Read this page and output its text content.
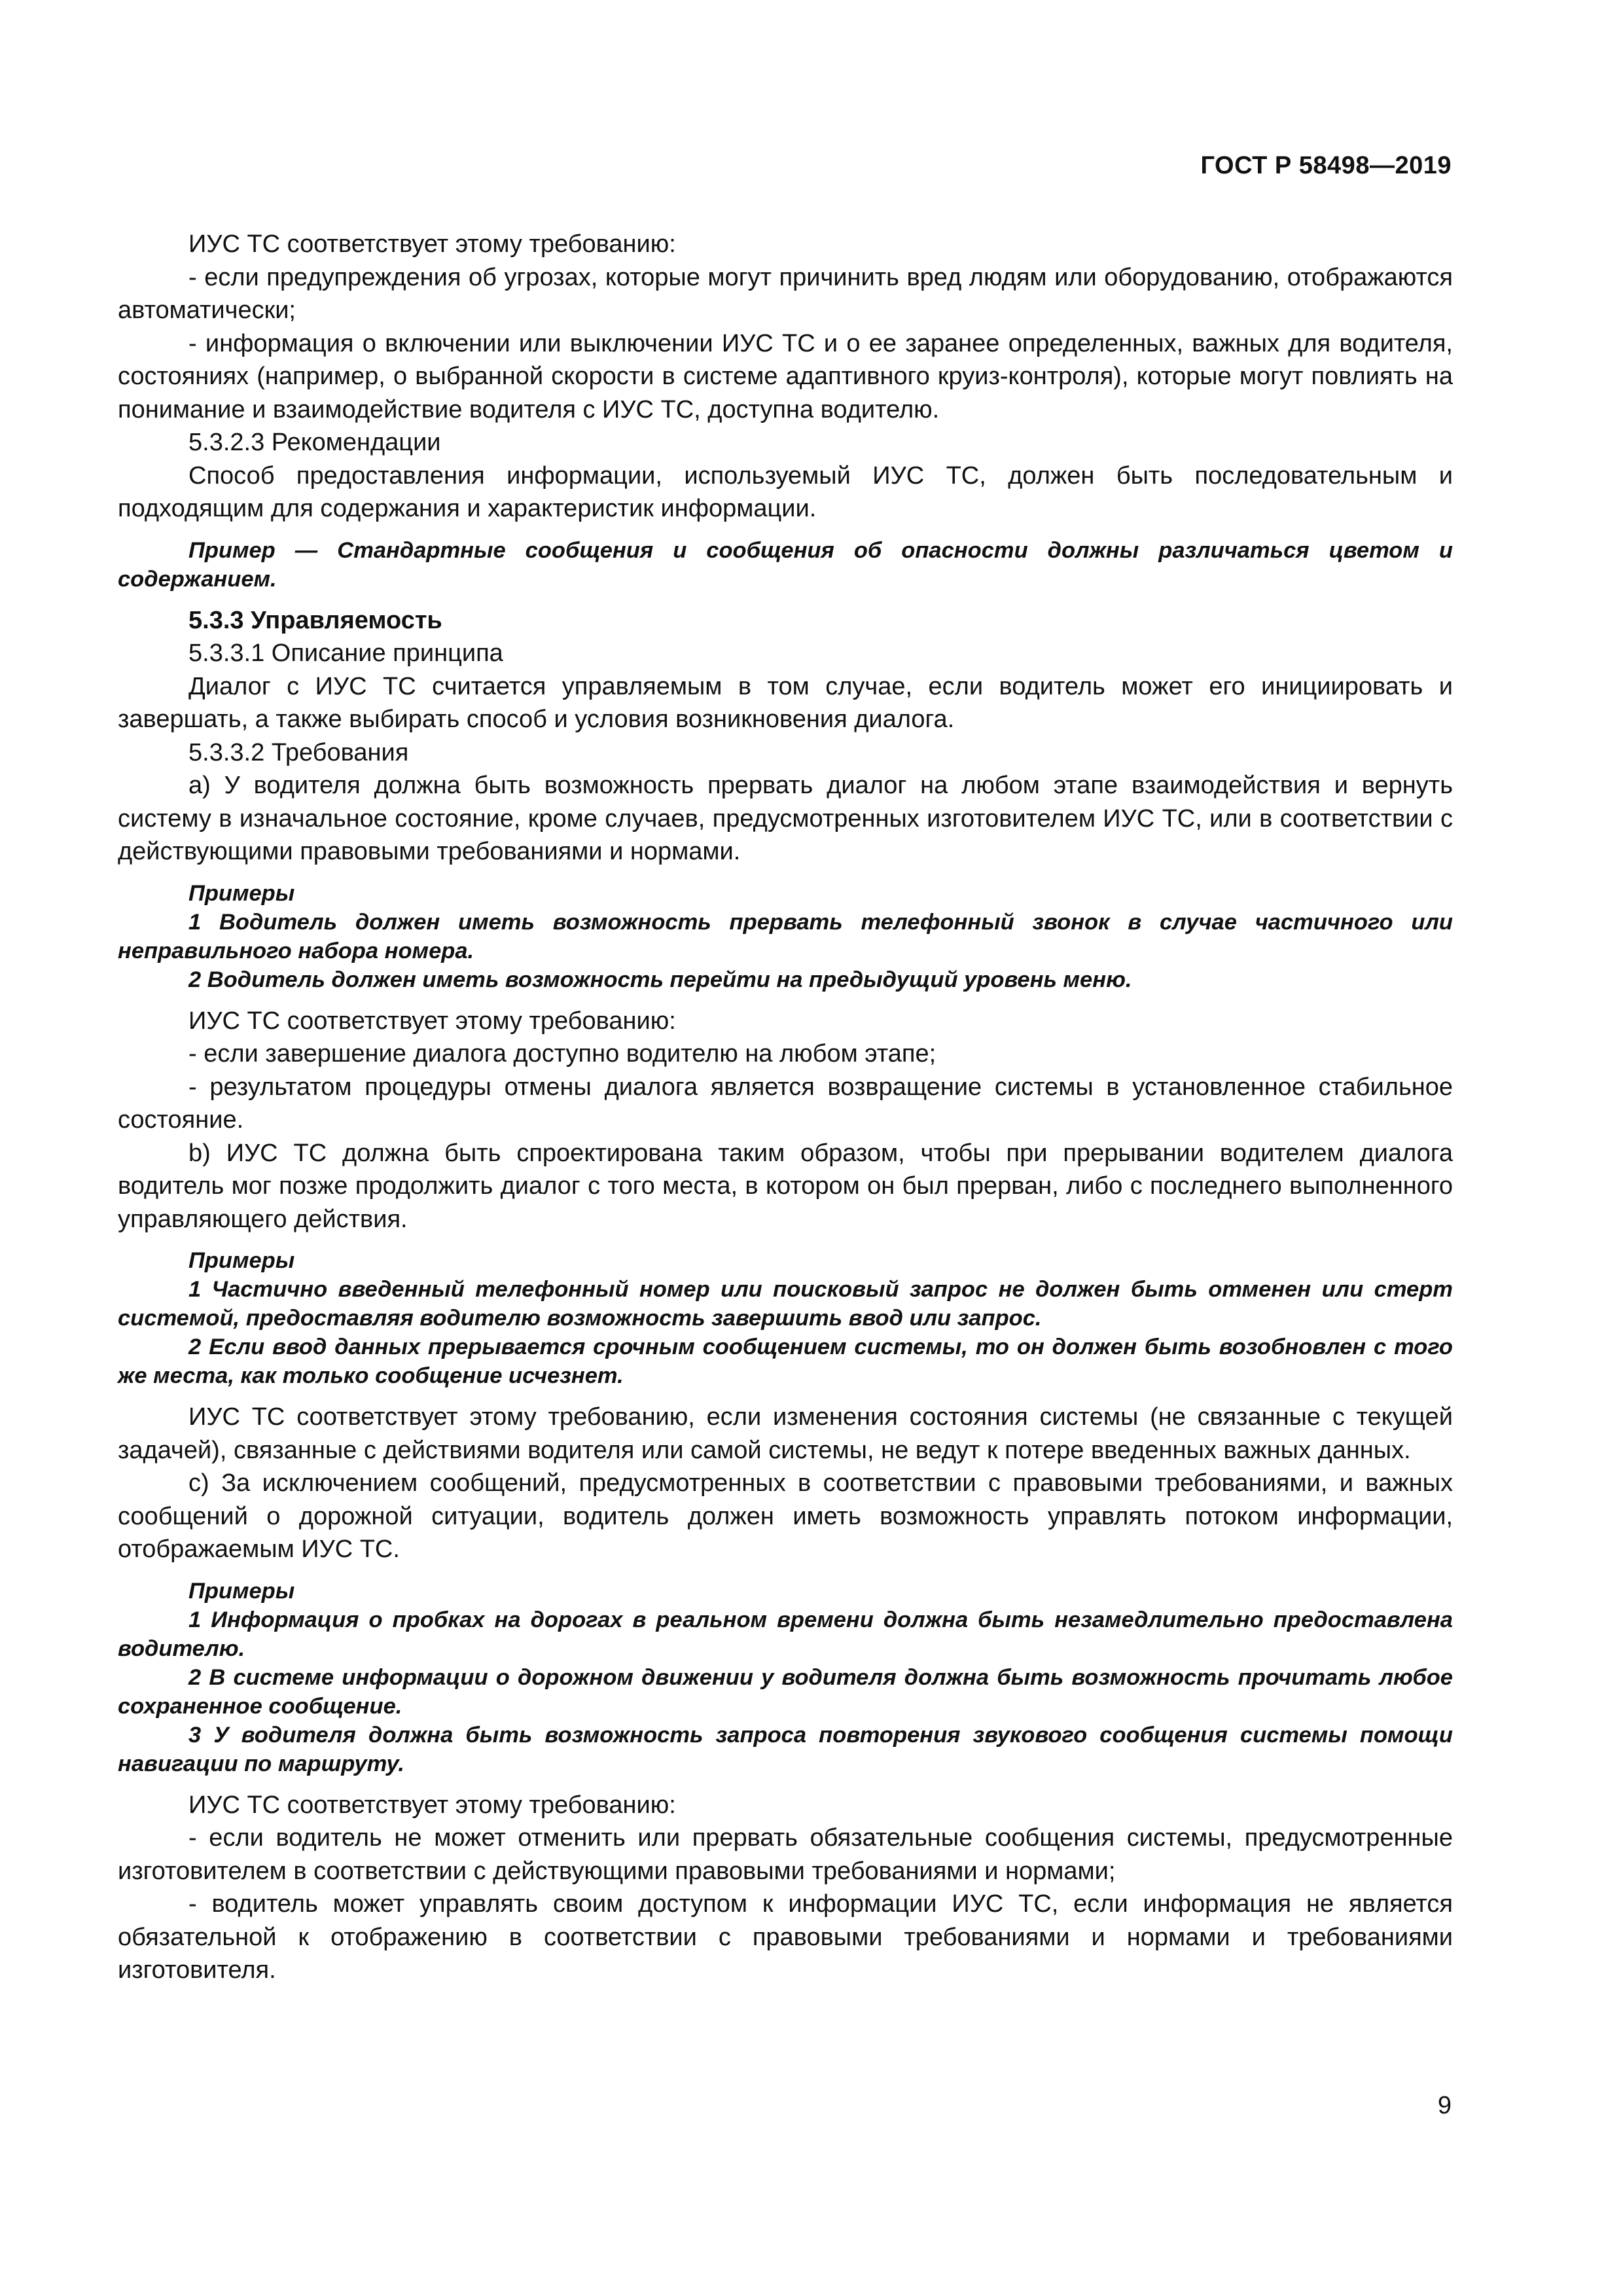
ГОСТ Р 58498—2019

ИУС ТС соответствует этому требованию:

- если предупреждения об угрозах, которые могут причинить вред людям или оборудованию, отображаются автоматически;

- информация о включении или выключении ИУС ТС и о ее заранее определенных, важных для водителя, состояниях (например, о выбранной скорости в системе адаптивного круиз-контроля), которые могут повлиять на понимание и взаимодействие водителя с ИУС ТС, доступна водителю.

5.3.2.3 Рекомендации

Способ предоставления информации, используемый ИУС ТС, должен быть последовательным и подходящим для содержания и характеристик информации.

Пример — Стандартные сообщения и сообщения об опасности должны различаться цветом и содержанием.

5.3.3 Управляемость

5.3.3.1 Описание принципа

Диалог с ИУС ТС считается управляемым в том случае, если водитель может его инициировать и завершать, а также выбирать способ и условия возникновения диалога.

5.3.3.2 Требования

а) У водителя должна быть возможность прервать диалог на любом этапе взаимодействия и вернуть систему в изначальное состояние, кроме случаев, предусмотренных изготовителем ИУС ТС, или в соответствии с действующими правовыми требованиями и нормами.

Примеры

1 Водитель должен иметь возможность прервать телефонный звонок в случае частичного или неправильного набора номера.

2 Водитель должен иметь возможность перейти на предыдущий уровень меню.

ИУС ТС соответствует этому требованию:

- если завершение диалога доступно водителю на любом этапе;

- результатом процедуры отмены диалога является возвращение системы в установленное стабильное состояние.

b) ИУС ТС должна быть спроектирована таким образом, чтобы при прерывании водителем диалога водитель мог позже продолжить диалог с того места, в котором он был прерван, либо с последнего выполненного управляющего действия.

Примеры

1 Частично введенный телефонный номер или поисковый запрос не должен быть отменен или стерт системой, предоставляя водителю возможность завершить ввод или запрос.

2 Если ввод данных прерывается срочным сообщением системы, то он должен быть возобновлен с того же места, как только сообщение исчезнет.

ИУС ТС соответствует этому требованию, если изменения состояния системы (не связанные с текущей задачей), связанные с действиями водителя или самой системы, не ведут к потере введенных важных данных.

с) За исключением сообщений, предусмотренных в соответствии с правовыми требованиями, и важных сообщений о дорожной ситуации, водитель должен иметь возможность управлять потоком информации, отображаемым ИУС ТС.

Примеры

1 Информация о пробках на дорогах в реальном времени должна быть незамедлительно предоставлена водителю.

2 В системе информации о дорожном движении у водителя должна быть возможность прочитать любое сохраненное сообщение.

3 У водителя должна быть возможность запроса повторения звукового сообщения системы помощи навигации по маршруту.

ИУС ТС соответствует этому требованию:

- если водитель не может отменить или прервать обязательные сообщения системы, предусмотренные изготовителем в соответствии с действующими правовыми требованиями и нормами;

- водитель может управлять своим доступом к информации ИУС ТС, если информация не является обязательной к отображению в соответствии с правовыми требованиями и нормами и требованиями изготовителя.

9
